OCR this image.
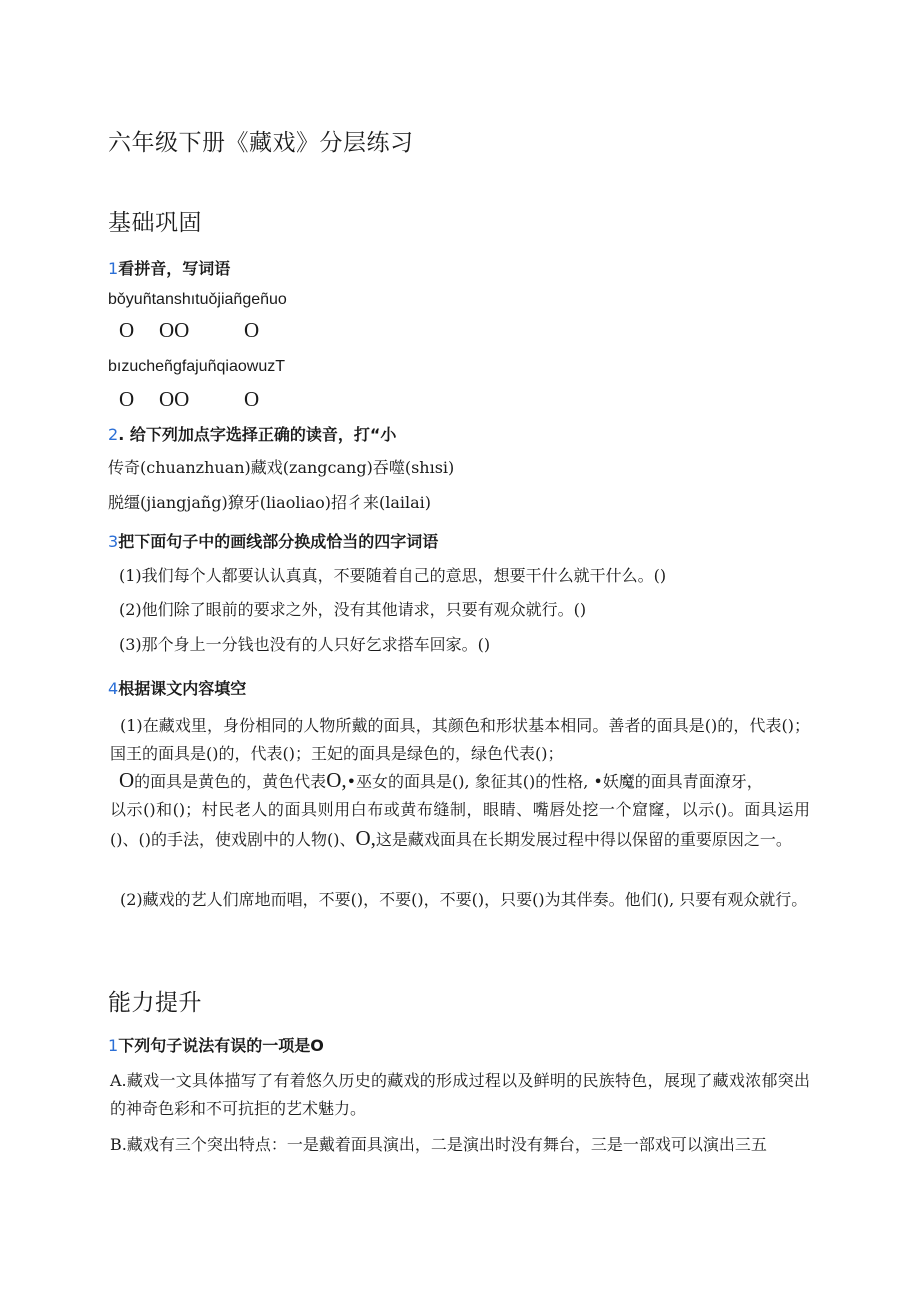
六年级下册《藏戏》分层练习
基础巩固
1看拼音，写词语
bǒyuñtanshıtuǒjiañgeñuo
O OO	O
bızucheñgfajuñqiaowuzT
O OO	O
2. 给下列加点字选择正确的读音，打“小
传奇(chuanzhuan)藏戏(zangcang)吞噬(shısi)
脱缰(jiangjañg)獠牙(liaoliao)招彳来(lailai)
3把下面句子中的画线部分换成恰当的四字词语
(1)我们每个人都要认认真真，不要随着自己的意思，想要干什么就干什么。()
(2)他们除了眼前的要求之外，没有其他请求，只要有观众就行。()
(3)那个身上一分钱也没有的人只好乞求搭车回家。()
4根据课文内容填空
(1)在藏戏里，身份相同的人物所戴的面具，其颜色和形状基本相同。善者的面具是()的，代表()；国王的面具是()的，代表()；王妃的面具是绿色的，绿色代表()；
O的面具是黄色的，黄色代表O,•巫女的面具是(), 象征其()的性格, •妖魔的面具青面潦牙，
以示()和()；村民老人的面具则用白布或黄布缝制，眼睛、嘴唇处挖一个窟窿，以示()。面具运用()、()的手法，使戏剧中的人物()、O,这是藏戏面具在长期发展过程中得以保留的重要原因之一。
(2)藏戏的艺人们席地而唱，不要()，不要()，不要()，只要()为其伴奏。他们(), 只要有观众就行。
能力提升
1下列句子说法有误的一项是O
A.藏戏一文具体描写了有着悠久历史的藏戏的形成过程以及鲜明的民族特色，展现了藏戏浓郁突出的神奇色彩和不可抗拒的艺术魅力。
B.藏戏有三个突出特点：一是戴着面具演出，二是演出时没有舞台，三是一部戏可以演出三五
